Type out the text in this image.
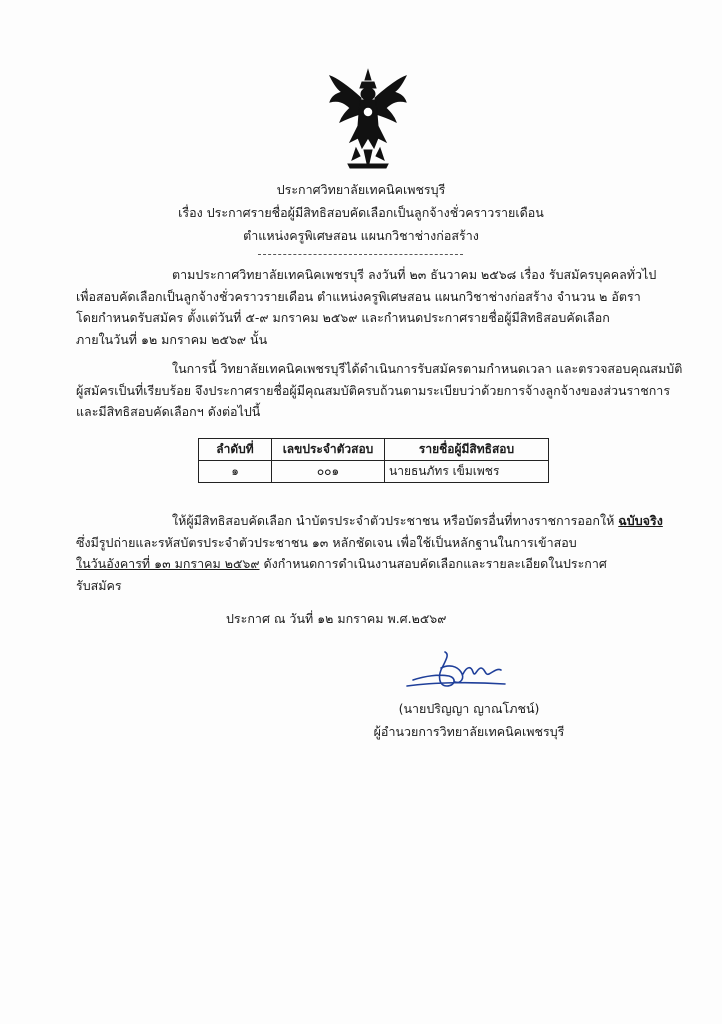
ประกาศวิทยาลัยเทคนิคเพชรบุรี
เรื่อง ประกาศรายชื่อผู้มีสิทธิสอบคัดเลือกเป็นลูกจ้างชั่วคราวรายเดือน
ตำแหน่งครูพิเศษสอน แผนกวิชาช่างก่อสร้าง
ตามประกาศวิทยาลัยเทคนิคเพชรบุรี ลงวันที่ ๒๓ ธันวาคม ๒๕๖๘ เรื่อง รับสมัครบุคคลทั่วไป
เพื่อสอบคัดเลือกเป็นลูกจ้างชั่วคราวรายเดือน ตำแหน่งครูพิเศษสอน แผนกวิชาช่างก่อสร้าง จำนวน ๒ อัตรา
โดยกำหนดรับสมัคร ตั้งแต่วันที่ ๕-๙ มกราคม ๒๕๖๙ และกำหนดประกาศรายชื่อผู้มีสิทธิสอบคัดเลือก
ภายในวันที่ ๑๒ มกราคม ๒๕๖๙ นั้น
ในการนี้ วิทยาลัยเทคนิคเพชรบุรีได้ดำเนินการรับสมัครตามกำหนดเวลา และตรวจสอบคุณสมบัติ
ผู้สมัครเป็นที่เรียบร้อย จึงประกาศรายชื่อผู้มีคุณสมบัติครบถ้วนตามระเบียบว่าด้วยการจ้างลูกจ้างของส่วนราชการ
และมีสิทธิสอบคัดเลือกฯ ดังต่อไปนี้
ลำดับที่	เลขประจำตัวสอบ	รายชื่อผู้มีสิทธิสอบ
๑	๐๐๑	นายธนภัทร เข็มเพชร
ให้ผู้มีสิทธิสอบคัดเลือก นำบัตรประจำตัวประชาชน หรือบัตรอื่นที่ทางราชการออกให้ ฉบับจริง
ซึ่งมีรูปถ่ายและรหัสบัตรประจำตัวประชาชน ๑๓ หลักชัดเจน เพื่อใช้เป็นหลักฐานในการเข้าสอบ
ในวันอังคารที่ ๑๓ มกราคม ๒๕๖๙ ดังกำหนดการดำเนินงานสอบคัดเลือกและรายละเอียดในประกาศ
รับสมัคร
ประกาศ ณ วันที่ ๑๒ มกราคม พ.ศ.๒๕๖๙
(นายปริญญา ญาณโภชน์)
ผู้อำนวยการวิทยาลัยเทคนิคเพชรบุรี
